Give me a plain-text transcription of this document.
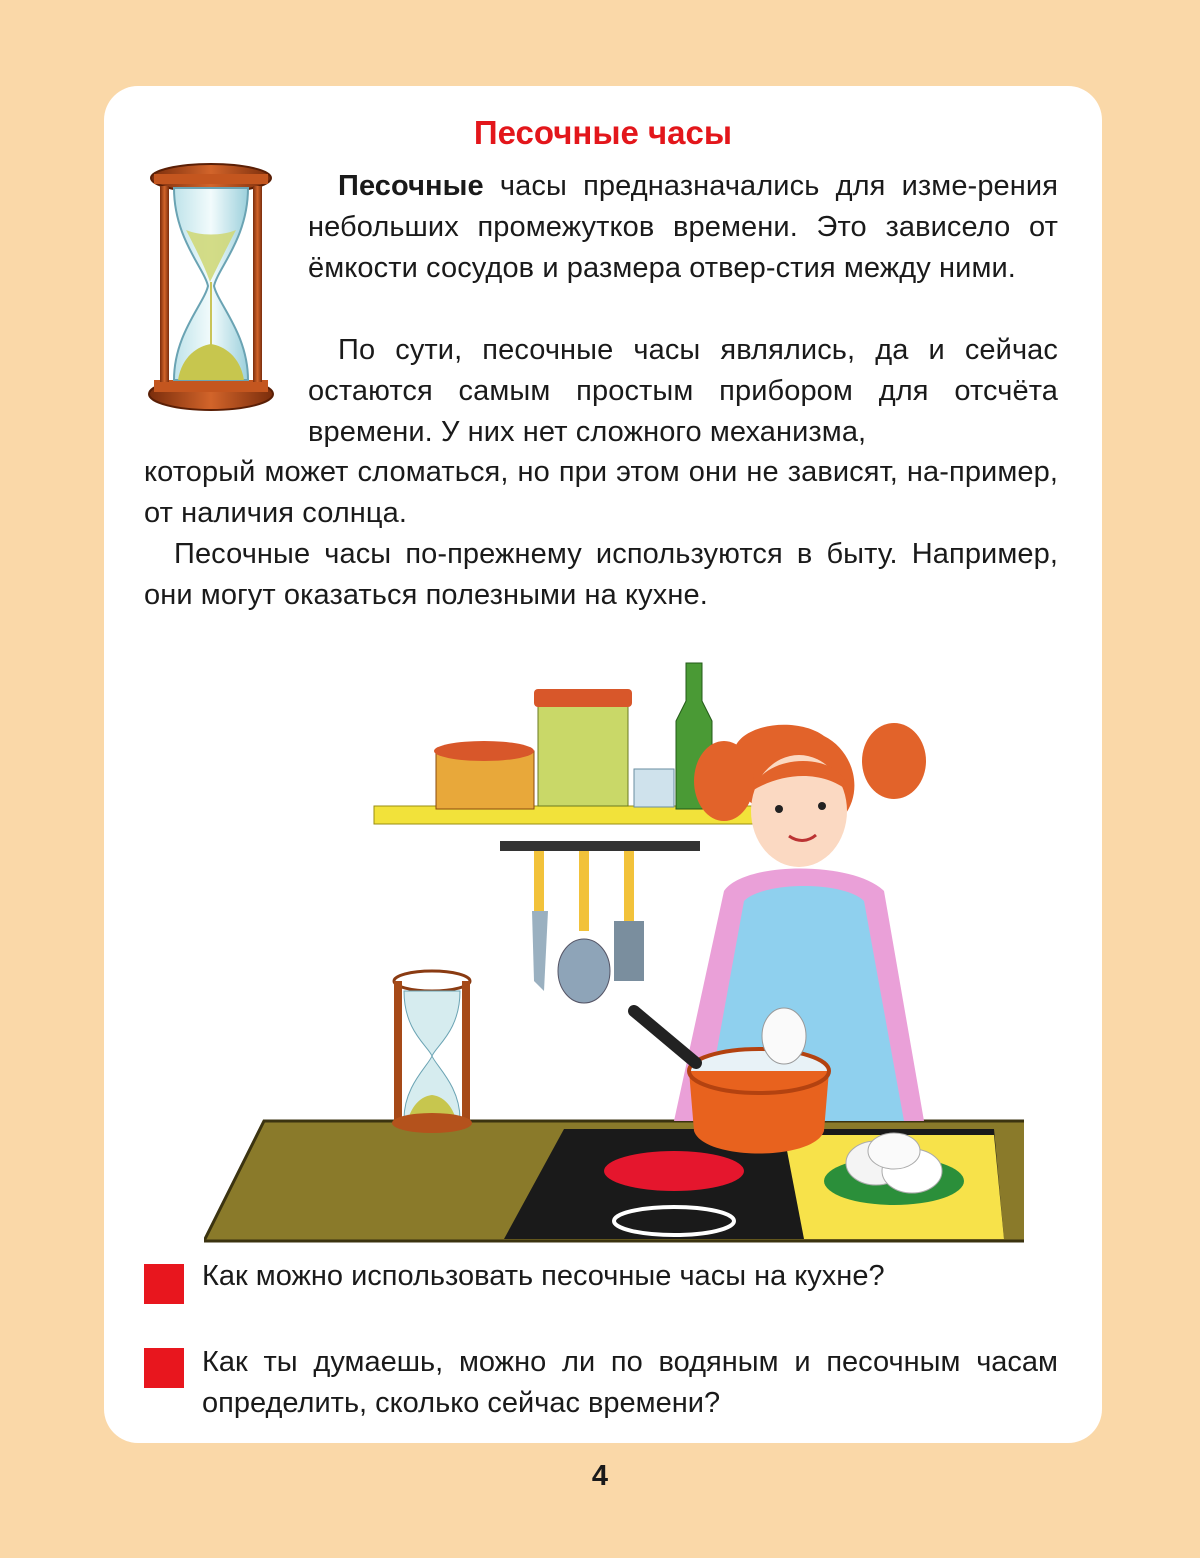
Песочные часы

Песочные часы предназначались для изме-рения небольших промежутков времени. Это зависело от ёмкости сосудов и размера отвер-стия между ними.

По сути, песочные часы являлись, да и сейчас остаются самым простым прибором для отсчёта времени. У них нет сложного механизма,

который может сломаться, но при этом они не зависят, на-пример, от наличия солнца.

Песочные часы по-прежнему используются в быту. Например, они могут оказаться полезными на кухне.

Как можно использовать песочные часы на кухне?

Как ты думаешь, можно ли по водяным и песочным часам определить, сколько сейчас времени?

4
